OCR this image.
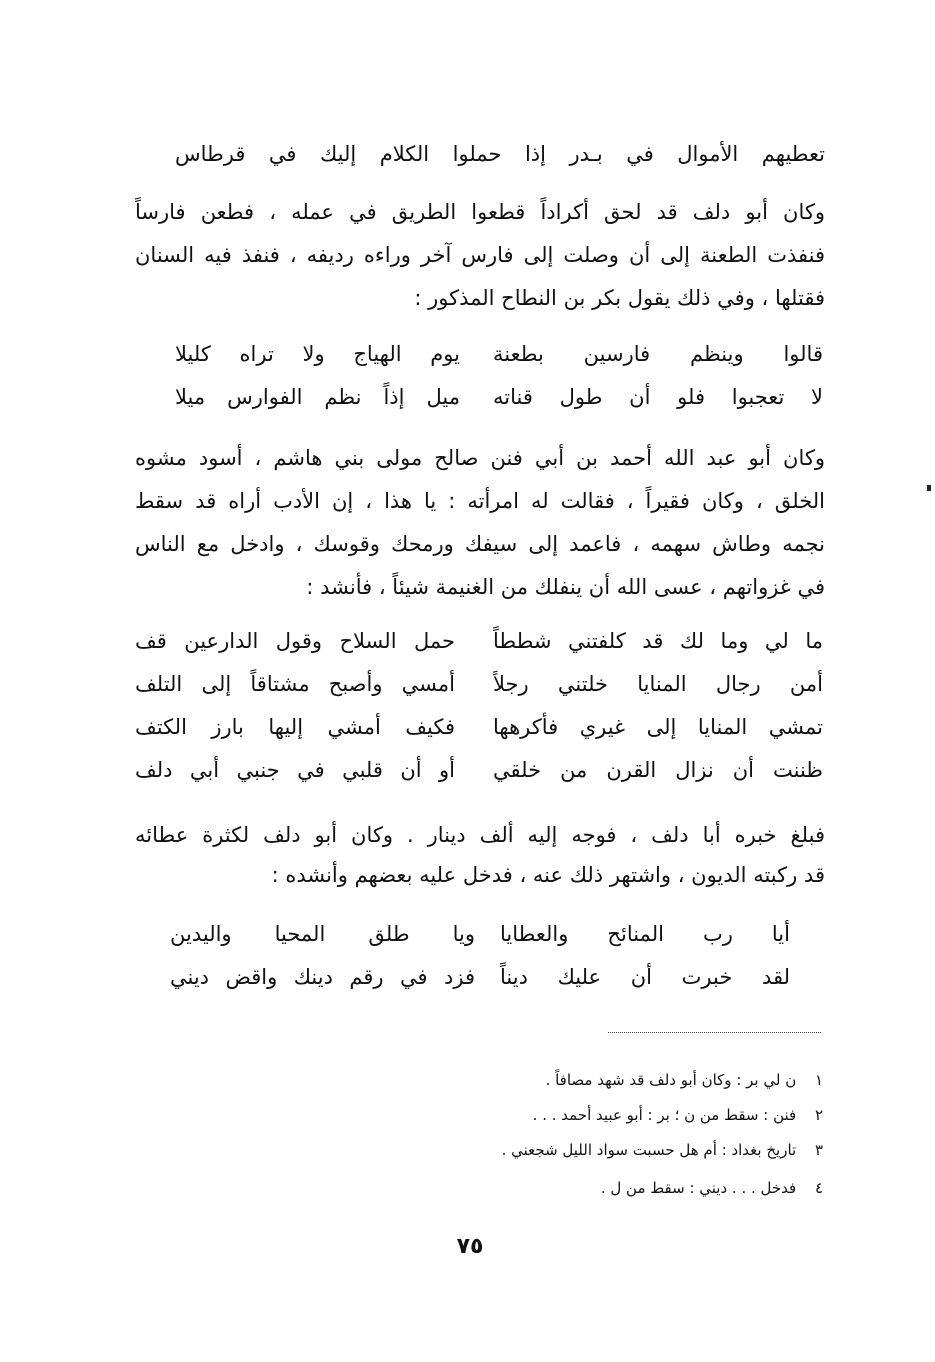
تعطيهم الأموال في بـدر إذا حملوا الكلام إليك في قرطاس
وكان أبو دلف قد لحق أكراداً قطعوا الطريق في عمله ، فطعن فارساً
فنفذت الطعنة إلى أن وصلت إلى فارس آخر وراءه رديفه ، فنفذ فيه السنان
فقتلها ، وفي ذلك يقول بكر بن النطاح المذكور :
قالوا وينظم فارسين بطعنة
يوم الهياج ولا تراه كليلا
لا تعجبوا فلو أن طول قناته
ميل إذاً نظم الفوارس ميلا
وكان أبو عبد الله أحمد بن أبي فنن صالح مولى بني هاشم ، أسود مشوه
الخلق ، وكان فقيراً ، فقالت له امرأته : يا هذا ، إن الأدب أراه قد سقط
نجمه وطاش سهمه ، فاعمد إلى سيفك ورمحك وقوسك ، وادخل مع الناس
في غزواتهم ، عسى الله أن ينفلك من الغنيمة شيئاً ، فأنشد :
ما لي وما لك قد كلفتني شططاً
حمل السلاح وقول الدارعين قف
أمن رجال المنايا خلتني رجلاً
أمسي وأصبح مشتاقاً إلى التلف
تمشي المنايا إلى غيري فأكرهها
فكيف أمشي إليها بارز الكتف
ظننت أن نزال القرن من خلقي
أو أن قلبي في جنبي أبي دلف
فبلغ خبره أبا دلف ، فوجه إليه ألف دينار . وكان أبو دلف لكثرة عطائه
قد ركبته الديون ، واشتهر ذلك عنه ، فدخل عليه بعضهم وأنشده :
أيا رب المنائح والعطايا
ويا طلق المحيا واليدين
لقد خبرت أن عليك ديناً
فزد في رقم دينك واقض ديني
١ ن لي بر : وكان أبو دلف قد شهد مصافاً .
٢ فنن : سقط من ن ؛ بر : أبو عبيد أحمد . . .
٣ تاريخ بغداد : أم هل حسبت سواد الليل شجعني .
٤ فدخل . . . ديني : سقط من ل .
٧٥
